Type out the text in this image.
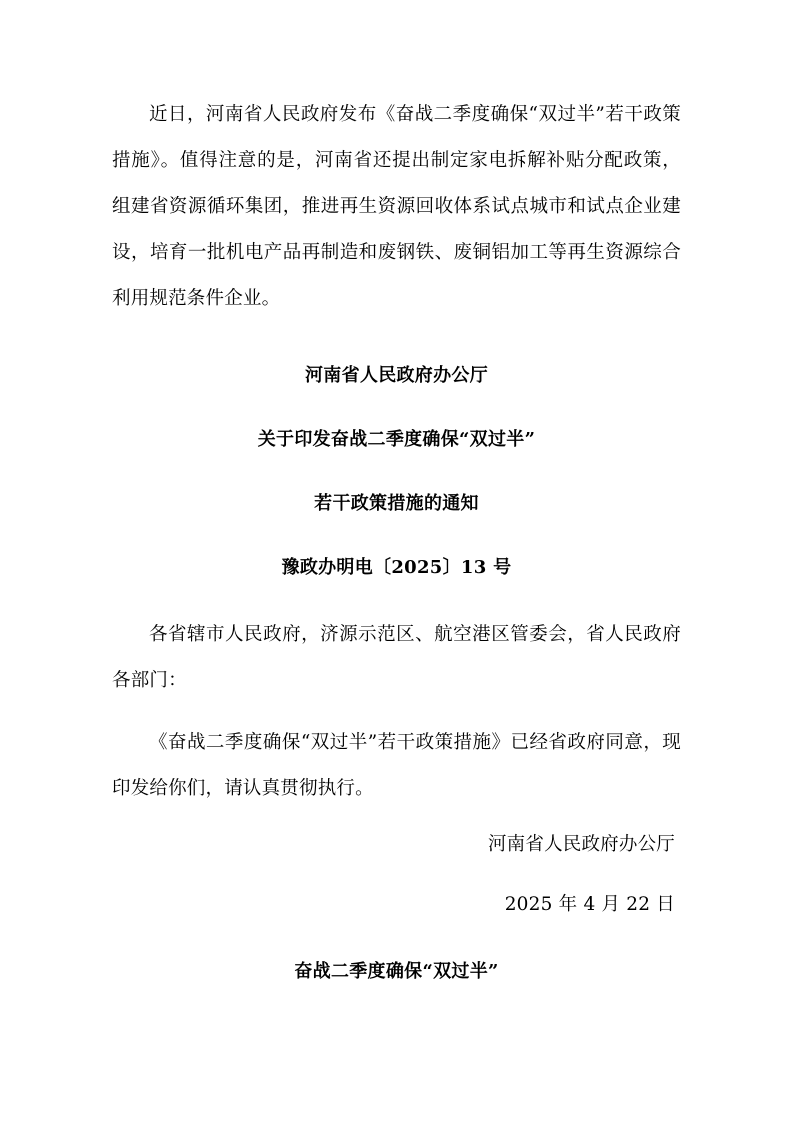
近日，河南省人民政府发布《奋战二季度确保“双过半”若干政策措施》。值得注意的是，河南省还提出制定家电拆解补贴分配政策，组建省资源循环集团，推进再生资源回收体系试点城市和试点企业建设，培育一批机电产品再制造和废钢铁、废铜铝加工等再生资源综合利用规范条件企业。

河南省人民政府办公厅

关于印发奋战二季度确保“双过半”

若干政策措施的通知

豫政办明电〔2025〕13 号

各省辖市人民政府，济源示范区、航空港区管委会，省人民政府各部门：

《奋战二季度确保“双过半”若干政策措施》已经省政府同意，现印发给你们，请认真贯彻执行。

河南省人民政府办公厅

2025 年 4 月 22 日

奋战二季度确保“双过半”
